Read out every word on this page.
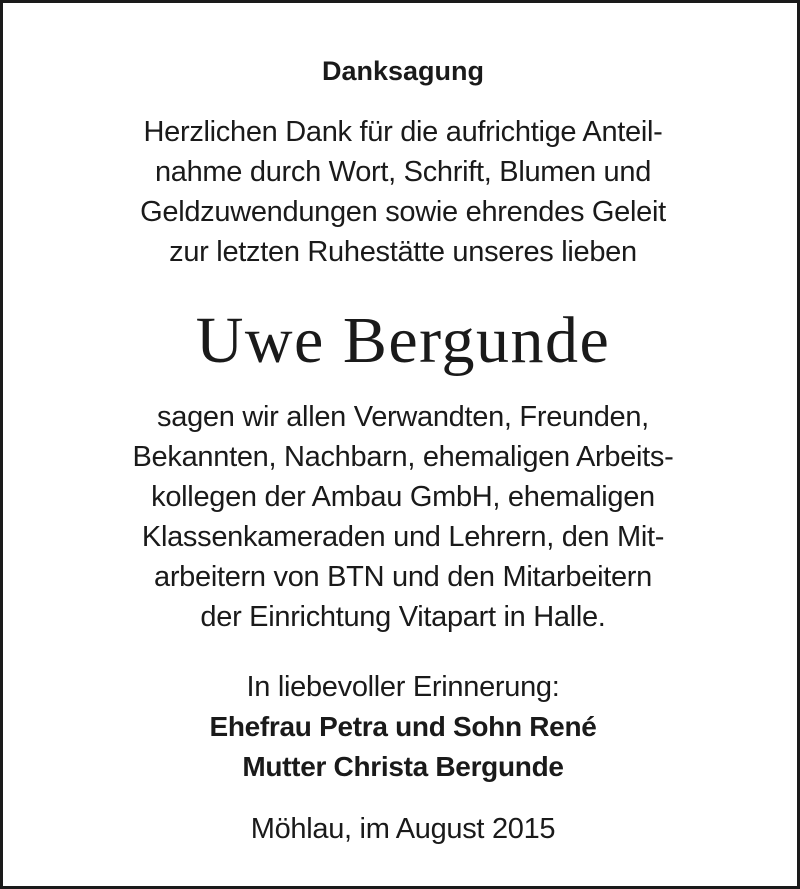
Danksagung
Herzlichen Dank für die aufrichtige Anteil-
nahme durch Wort, Schrift, Blumen und
Geldzuwendungen sowie ehrendes Geleit
zur letzten Ruhestätte unseres lieben
Uwe Bergunde
sagen wir allen Verwandten, Freunden,
Bekannten, Nachbarn, ehemaligen Arbeits-
kollegen der Ambau GmbH, ehemaligen
Klassenkameraden und Lehrern, den Mit-
arbeitern von BTN und den Mitarbeitern
der Einrichtung Vitapart in Halle.
In liebevoller Erinnerung:
Ehefrau Petra und Sohn René
Mutter Christa Bergunde
Möhlau, im August 2015
